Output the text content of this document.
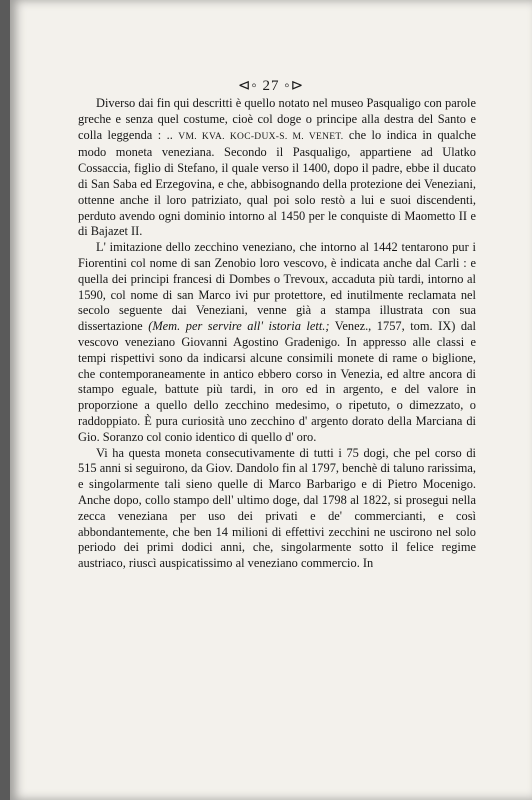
⊲◦ 27 ◦⊳

Diverso dai fin qui descritti è quello notato nel museo Pasqualigo con parole greche e senza quel costume, cioè col doge o principe alla destra del Santo e colla leggenda : .. VM. KVA. KOC-DUX-S. M. VENET. che lo indica in qualche modo moneta veneziana. Secondo il Pasqualigo, appartiene ad Ulatko Cossaccia, figlio di Stefano, il quale verso il 1400, dopo il padre, ebbe il ducato di San Saba ed Erzegovina, e che, abbisognando della protezione dei Veneziani, ottenne anche il loro patriziato, qual poi solo restò a lui e suoi discendenti, perduto avendo ogni dominio intorno al 1450 per le conquiste di Maometto II e di Bajazet II.

L' imitazione dello zecchino veneziano, che intorno al 1442 tentarono pur i Fiorentini col nome di san Zenobio loro vescovo, è indicata anche dal Carli : e quella dei principi francesi di Dombes o Trevoux, accaduta più tardi, intorno al 1590, col nome di san Marco ivi pur protettore, ed inutilmente reclamata nel secolo seguente dai Veneziani, venne già a stampa illustrata con sua dissertazione (Mem. per servire all' istoria lett.; Venez., 1757, tom. IX) dal vescovo veneziano Giovanni Agostino Gradenigo. In appresso alle classi e tempi rispettivi sono da indicarsi alcune consimili monete di rame o biglione, che contemporaneamente in antico ebbero corso in Venezia, ed altre ancora di stampo eguale, battute più tardi, in oro ed in argento, e del valore in proporzione a quello dello zecchino medesimo, o ripetuto, o dimezzato, o raddoppiato. È pura curiosità uno zecchino d' argento dorato della Marciana di Gio. Soranzo col conio identico di quello d' oro.

Vi ha questa moneta consecutivamente di tutti i 75 dogi, che pel corso di 515 anni si seguirono, da Giov. Dandolo fin al 1797, benchè di taluno rarissima, e singolarmente tali sieno quelle di Marco Barbarigo e di Pietro Mocenigo. Anche dopo, collo stampo dell' ultimo doge, dal 1798 al 1822, si prosegui nella zecca veneziana per uso dei privati e de' commercianti, e così abbondantemente, che ben 14 milioni di effettivi zecchini ne uscirono nel solo periodo dei primi dodici anni, che, singolarmente sotto il felice regime austriaco, riuscì auspicatissimo al veneziano commercio. In
